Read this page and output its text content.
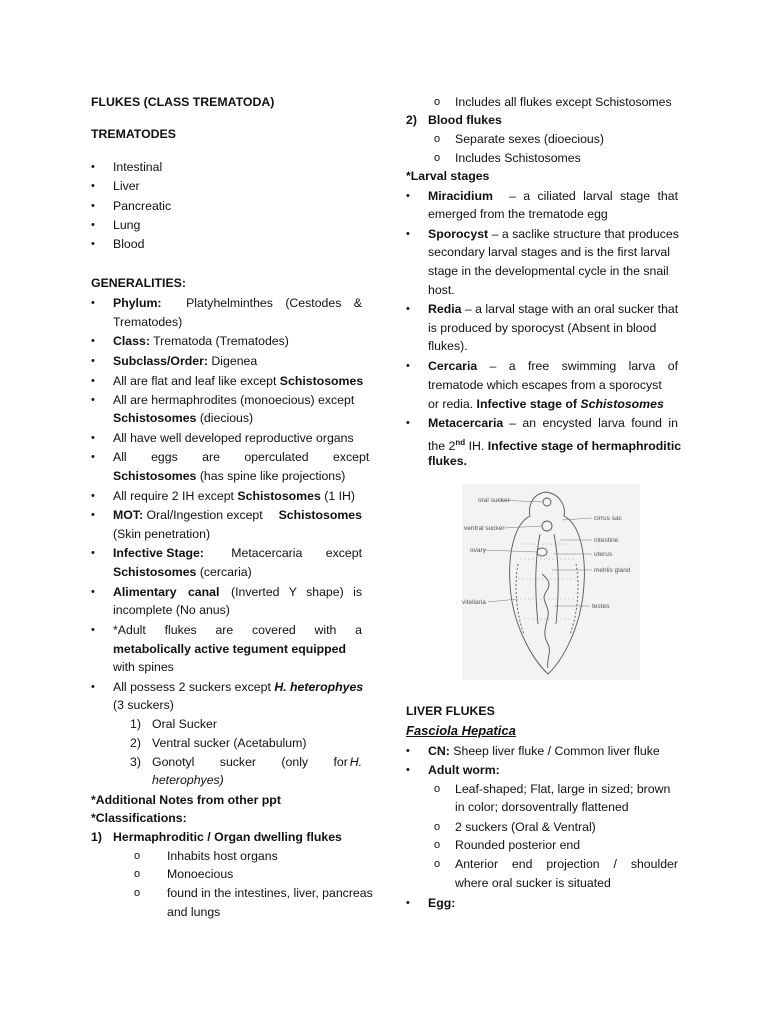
FLUKES (CLASS TREMATODA)
TREMATODES
• Intestinal
• Liver
• Pancreatic
• Lung
• Blood
GENERALITIES:
• Phylum: Platyhelminthes (Cestodes &
Trematodes)
• Class: Trematoda (Trematodes)
• Subclass/Order: Digenea
• All are flat and leaf like except Schistosomes
• All are hermaphrodites (monoecious) except
Schistosomes (diecious)
• All have well developed reproductive organs
• All eggs are operculated except
Schistosomes (has spine like projections)
• All require 2 IH except Schistosomes (1 IH)
• MOT: Oral/Ingestion except Schistosomes
(Skin penetration)
• Infective Stage: Metacercaria except
Schistosomes (cercaria)
• Alimentary canal (Inverted Y shape) is
incomplete (No anus)
• *Adult flukes are covered with a
metabolically active tegument equipped
with spines
• All possess 2 suckers except H. heterophyes
(3 suckers)
1) Oral Sucker
2) Ventral sucker (Acetabulum)
3) Gonotyl sucker (only for H.
heterophyes)
*Additional Notes from other ppt
*Classifications:
1) Hermaphroditic / Organ dwelling flukes
o Inhabits host organs
o Monoecious
o found in the intestines, liver, pancreas
and lungs
o Includes all flukes except Schistosomes
2) Blood flukes
o Separate sexes (dioecious)
o Includes Schistosomes
*Larval stages
• Miracidium – a ciliated larval stage that
emerged from the trematode egg
• Sporocyst – a saclike structure that produces
secondary larval stages and is the first larval
stage in the developmental cycle in the snail
host.
• Redia – a larval stage with an oral sucker that
is produced by sporocyst (Absent in blood
flukes).
• Cercaria – a free swimming larva of
trematode which escapes from a sporocyst
or redia. Infective stage of Schistosomes
• Metacercaria – an encysted larva found in
the 2nd IH. Infective stage of hermaphroditic
flukes.
oral sucker
ventral sucker
ovary
vitellaria
cirrus sac
intestine
uterus
mehlis gland
testes
LIVER FLUKES
Fasciola Hepatica
• CN: Sheep liver fluke / Common liver fluke
• Adult worm:
o Leaf-shaped; Flat, large in sized; brown
in color; dorsoventrally flattened
o 2 suckers (Oral & Ventral)
o Rounded posterior end
o Anterior end projection / shoulder
where oral sucker is situated
• Egg:
